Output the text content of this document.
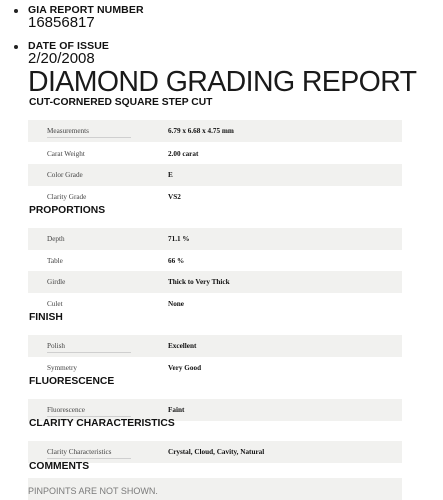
GIA REPORT NUMBER
16856817
DATE OF ISSUE
2/20/2008
DIAMOND GRADING REPORT
CUT-CORNERED SQUARE STEP CUT
Measurements	6.79 x 6.68 x 4.75 mm
Carat Weight	2.00 carat
Color Grade	E
Clarity Grade	VS2
PROPORTIONS
Depth	71.1 %
Table	66 %
Girdle	Thick to Very Thick
Culet	None
FINISH
Polish	Excellent
Symmetry	Very Good
FLUORESCENCE
Fluorescence	Faint
CLARITY CHARACTERISTICS
Clarity Characteristics	Crystal, Cloud, Cavity, Natural
COMMENTS
PINPOINTS ARE NOT SHOWN.
